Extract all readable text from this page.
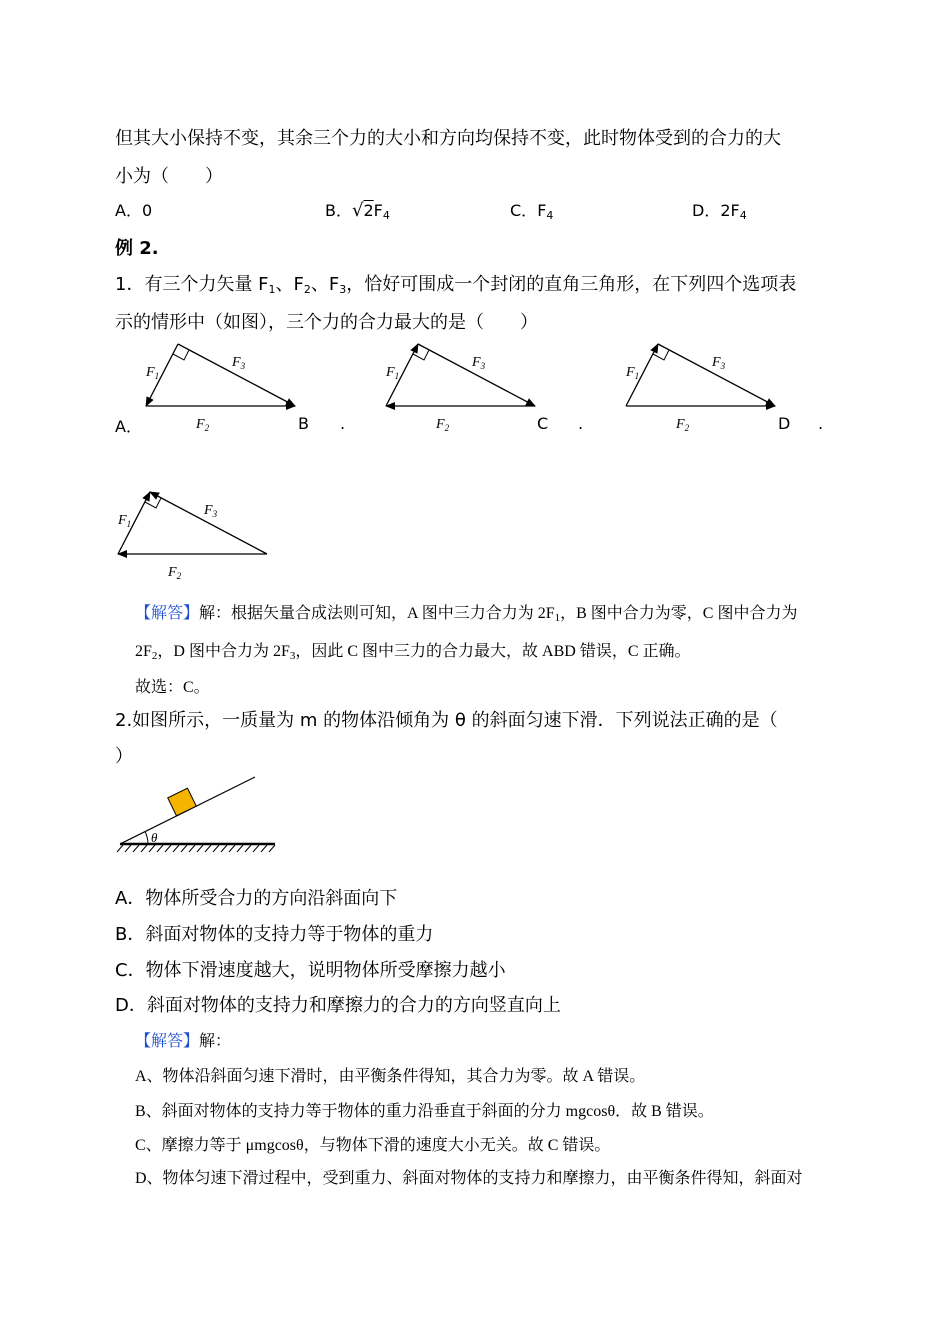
但其大小保持不变，其余三个力的大小和方向均保持不变，此时物体受到的合力的大
小为（　　）
A．0	B．$√2F_4$	C．$F_4$	D．$2F_4$
例 2.
1．有三个力矢量 $F_1$、$F_2$、$F_3$，恰好可围成一个封闭的直角三角形，在下列四个选项表
示的情形中（如图），三个力的合力最大的是（　　）
$F_1$
$F_2$
$F_3$
A．	B .
$F_1$
$F_2$
$F_3$
C .
$F_1$
$F_2$
$F_3$
D .
$F_1$
$F_2$
$F_3$
【解答】解：根据矢量合成法则可知，A 图中三力合力为 $2F_1$，B 图中合力为零，C 图中合力为
$2F_2$，D 图中合力为 $2F_3$，因此 C 图中三力的合力最大，故 ABD 错误，C 正确。
故选：C。
2.如图所示，一质量为 m 的物体沿倾角为 θ 的斜面匀速下滑．下列说法正确的是（
）
θ
A．物体所受合力的方向沿斜面向下
B．斜面对物体的支持力等于物体的重力
C．物体下滑速度越大，说明物体所受摩擦力越小
D．斜面对物体的支持力和摩擦力的合力的方向竖直向上
【解答】解：
A、物体沿斜面匀速下滑时，由平衡条件得知，其合力为零。故 A 错误。
B、斜面对物体的支持力等于物体的重力沿垂直于斜面的分力 mgcosθ．故 B 错误。
C、摩擦力等于 μmgcosθ，与物体下滑的速度大小无关。故 C 错误。
D、物体匀速下滑过程中，受到重力、斜面对物体的支持力和摩擦力，由平衡条件得知，斜面对
